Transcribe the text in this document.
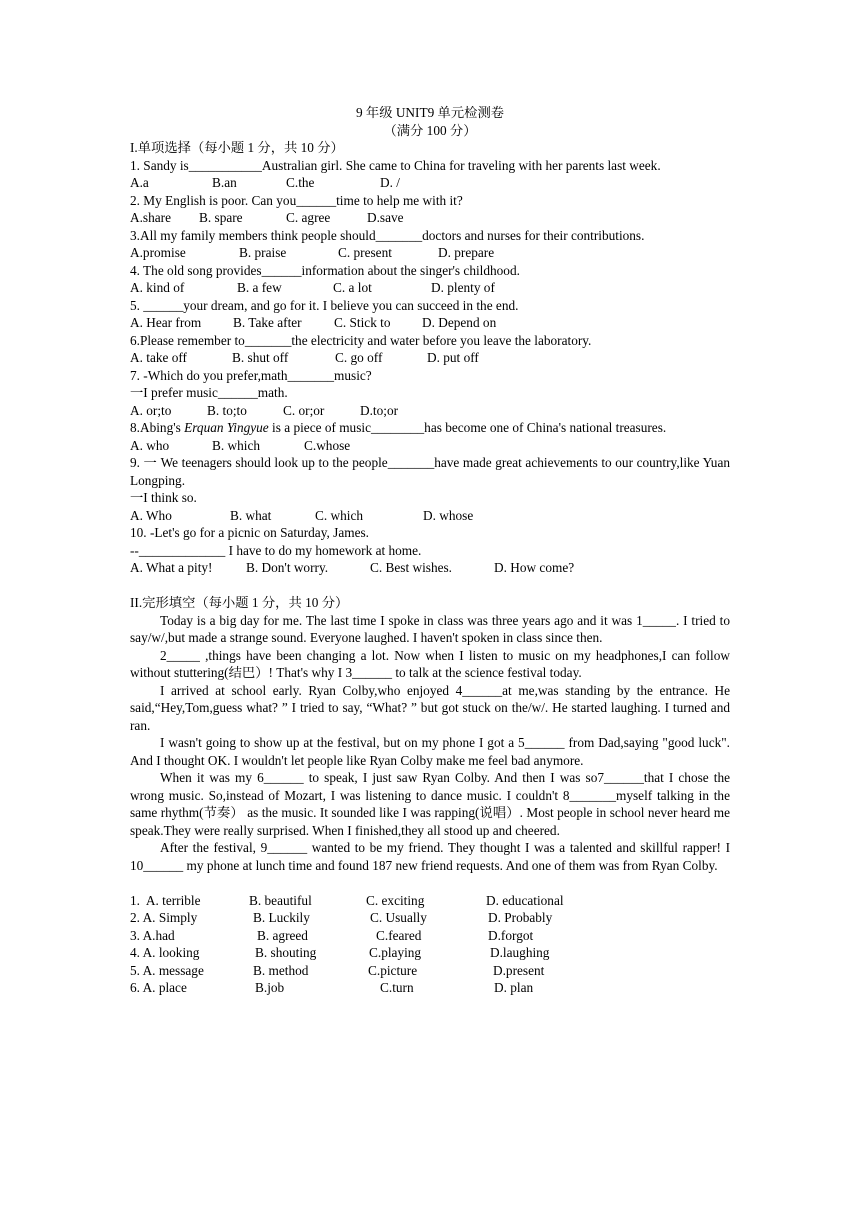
9 年级 UNIT9 单元检测卷
（满分 100 分）
I.单项选择（每小题 1 分，共 10 分）
1. Sandy is___________Australian girl. She came to China for traveling with her parents last week.
A.a	B.an	C.the	D. /
2. My English is poor. Can you______time to help me with it?
A.share	B. spare	C. agree	D.save
3.All my family members think people should_______doctors and nurses for their contributions.
A.promise	B. praise	C. present	D. prepare
4. The old song provides______information about the singer's childhood.
A. kind of	B. a few	C. a lot	D. plenty of
5. ______your dream, and go for it. I believe you can succeed in the end.
A. Hear from	B. Take after	C. Stick to	D. Depend on
6.Please remember to_______the electricity and water before you leave the laboratory.
A. take off	B. shut off	C. go off	D. put off
7. -Which do you prefer,math_______music?
一I prefer music______math.
A. or;to	B. to;to	C. or;or	D.to;or
8.Abing's Erquan Yingyue is a piece of music________has become one of China's national treasures.
A. who	B. which	C.whose
9. 一 We teenagers should look up to the people_______have made great achievements to our country,like Yuan Longping.
一I think so.
A. Who	B. what	C. which	D. whose
10. -Let's go for a picnic on Saturday, James.
--_____________ I have to do my homework at home.
A. What a pity!	B. Don't worry.	C. Best wishes.	D. How come?
II.完形填空（每小题 1 分，共 10 分）
Today is a big day for me. The last time I spoke in class was three years ago and it was 1_____. I tried to say/w/,but made a strange sound. Everyone laughed. I haven't spoken in class since then.
2_____ ,things have been changing a lot. Now when I listen to music on my headphones,I can follow without stuttering(结巴）! That's why I 3______ to talk at the science festival today.
I arrived at school early. Ryan Colby,who enjoyed 4______at me,was standing by the entrance. He said,“Hey,Tom,guess what? ” I tried to say, “What? ” but got stuck on the/w/. He started laughing. I turned and ran.
I wasn't going to show up at the festival, but on my phone I got a 5______ from Dad,saying "good luck". And I thought OK. I wouldn't let people like Ryan Colby make me feel bad anymore.
When it was my 6______ to speak, I just saw Ryan Colby. And then I was so7______that I chose the wrong music. So,instead of Mozart, I was listening to dance music. I couldn't 8_______myself talking in the same rhythm(节奏） as the music. It sounded like I was rapping(说唱）. Most people in school never heard me speak.They were really surprised. When I finished,they all stood up and cheered.
After the festival, 9______ wanted to be my friend. They thought I was a talented and skillful rapper! I 10______ my phone at lunch time and found 187 new friend requests. And one of them was from Ryan Colby.
1.  A. terrible	B. beautiful	C. exciting	D. educational
2. A. Simply	B. Luckily	C. Usually	D. Probably
3. A.had	B. agreed	C.feared	D.forgot
4. A. looking	B. shouting	C.playing	D.laughing
5. A. message	B. method	C.picture	D.present
6. A. place	B.job	C.turn	D. plan
